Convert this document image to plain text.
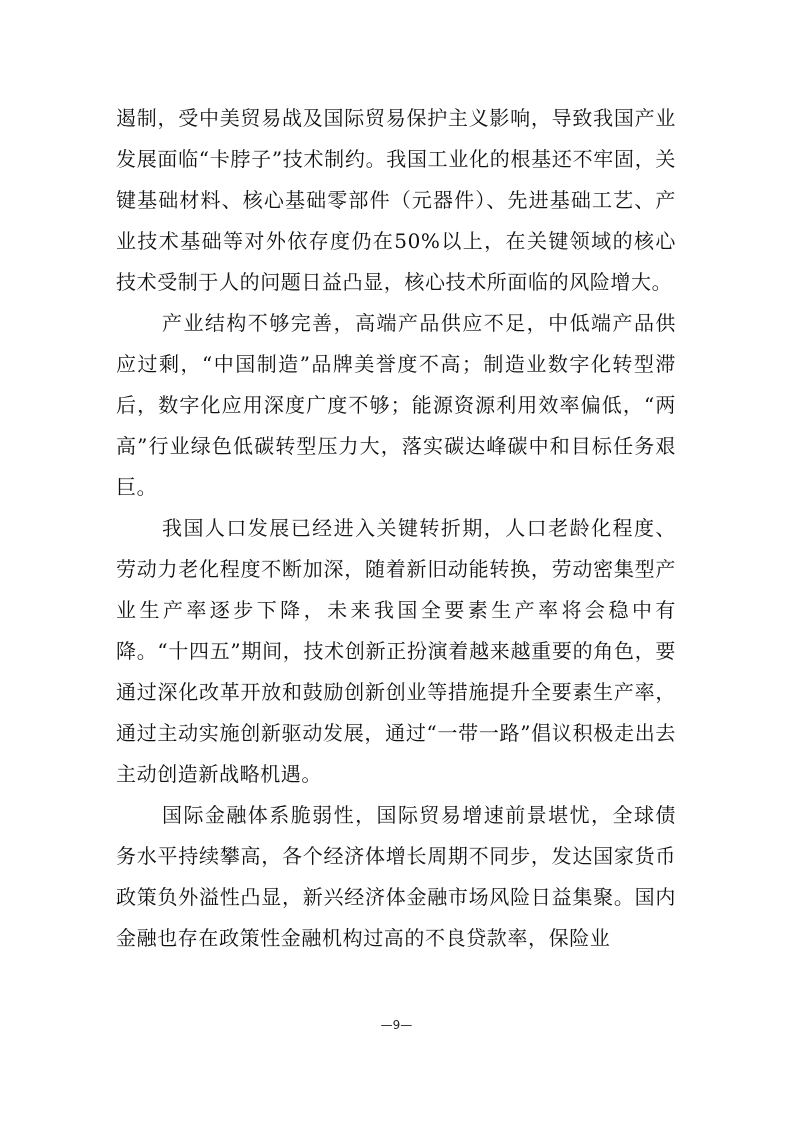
遏制，受中美贸易战及国际贸易保护主义影响，导致我国产业发展面临“卡脖子”技术制约。我国工业化的根基还不牢固，关键基础材料、核心基础零部件（元器件）、先进基础工艺、产业技术基础等对外依存度仍在50%以上，在关键领域的核心技术受制于人的问题日益凸显，核心技术所面临的风险增大。

产业结构不够完善，高端产品供应不足，中低端产品供应过剩，“中国制造”品牌美誉度不高；制造业数字化转型滞后，数字化应用深度广度不够；能源资源利用效率偏低，“两高”行业绿色低碳转型压力大，落实碳达峰碳中和目标任务艰巨。

我国人口发展已经进入关键转折期，人口老龄化程度、劳动力老化程度不断加深，随着新旧动能转换，劳动密集型产业生产率逐步下降，未来我国全要素生产率将会稳中有降。“十四五”期间，技术创新正扮演着越来越重要的角色，要通过深化改革开放和鼓励创新创业等措施提升全要素生产率，通过主动实施创新驱动发展，通过“一带一路”倡议积极走出去主动创造新战略机遇。

国际金融体系脆弱性，国际贸易增速前景堪忧，全球债务水平持续攀高，各个经济体增长周期不同步，发达国家货币政策负外溢性凸显，新兴经济体金融市场风险日益集聚。国内金融也存在政策性金融机构过高的不良贷款率，保险业

—9—
